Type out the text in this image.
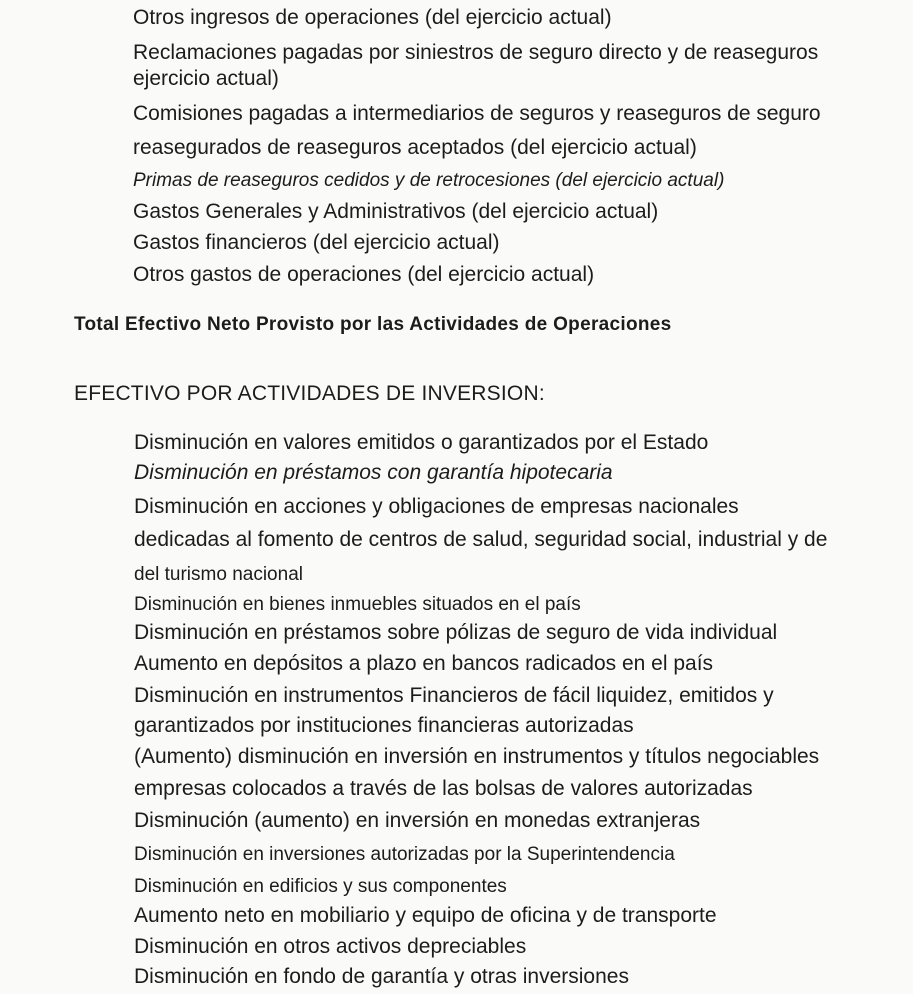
Otros ingresos de operaciones (del ejercicio actual)
Reclamaciones pagadas por siniestros de seguro directo y de reaseguros
ejercicio actual)
Comisiones pagadas a intermediarios de seguros y reaseguros de seguro
reasegurados de reaseguros aceptados (del ejercicio actual)
Primas de reaseguros cedidos y de retrocesiones (del ejercicio actual)
Gastos Generales y Administrativos (del ejercicio actual)
Gastos financieros (del ejercicio actual)
Otros gastos de operaciones (del ejercicio actual)
Total Efectivo Neto Provisto por las Actividades de Operaciones
EFECTIVO POR ACTIVIDADES DE INVERSION:
Disminución en valores emitidos o garantizados por el Estado
Disminución en préstamos con garantía hipotecaria
Disminución en acciones y obligaciones de empresas nacionales
dedicadas al fomento de centros de salud, seguridad social, industrial y de
del turismo nacional
Disminución en bienes inmuebles situados en el país
Disminución en préstamos sobre pólizas de seguro de vida individual
Aumento en depósitos a plazo en bancos radicados en el país
Disminución en instrumentos Financieros de fácil liquidez, emitidos y
garantizados por instituciones financieras autorizadas
(Aumento) disminución en inversión en instrumentos y títulos negociables
empresas colocados a través de las bolsas de valores autorizadas
Disminución (aumento) en inversión en monedas extranjeras
Disminución en inversiones autorizadas por la Superintendencia
Disminución en edificios y sus componentes
Aumento neto en mobiliario y equipo de oficina y de transporte
Disminución en otros activos depreciables
Disminución en fondo de garantía y otras inversiones
